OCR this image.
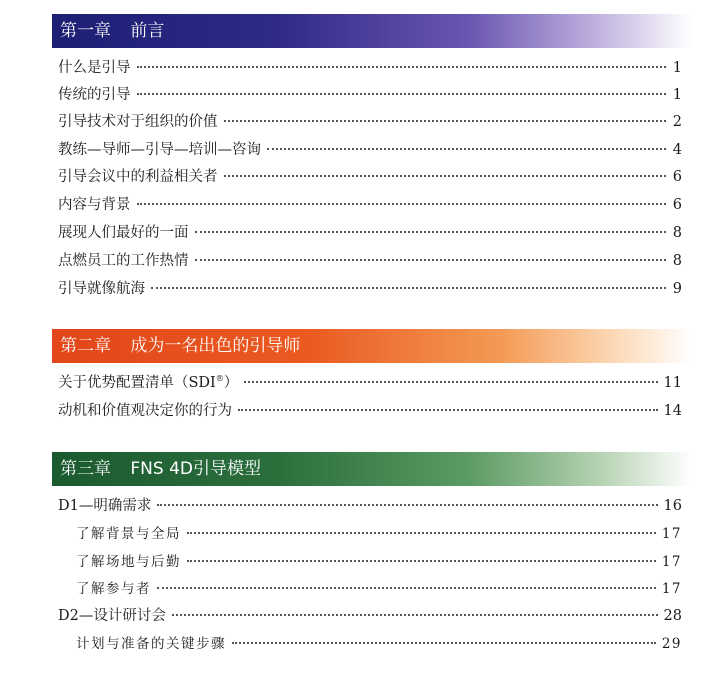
第一章 前言
什么是引导	1
传统的引导	1
引导技术对于组织的价值	2
教练—导师—引导—培训—咨询	4
引导会议中的利益相关者	6
内容与背景	6
展现人们最好的一面	8
点燃员工的工作热情	8
引导就像航海	9
第二章 成为一名出色的引导师
关于优势配置清单（SDI®）	11
动机和价值观决定你的行为	14
第三章 FNS 4D引导模型
D1—明确需求	16
了解背景与全局	17
了解场地与后勤	17
了解参与者	17
D2—设计研讨会	28
计划与准备的关键步骤	29
